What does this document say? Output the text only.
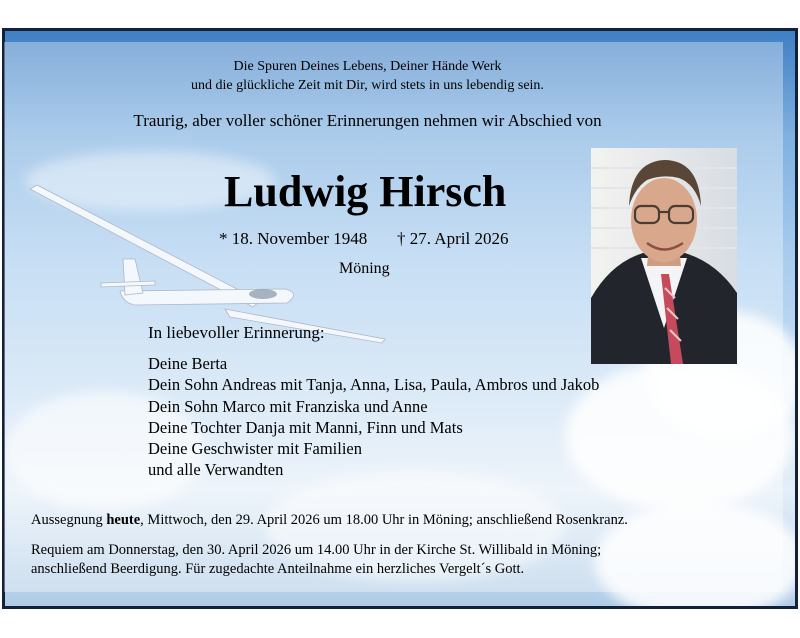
Die Spuren Deines Lebens, Deiner Hände Werk
und die glückliche Zeit mit Dir, wird stets in uns lebendig sein.
Traurig, aber voller schöner Erinnerungen nehmen wir Abschied von
Ludwig Hirsch
* 18. November 1948 † 27. April 2026
Möning
In liebevoller Erinnerung:
Deine Berta
Dein Sohn Andreas mit Tanja, Anna, Lisa, Paula, Ambros und Jakob
Dein Sohn Marco mit Franziska und Anne
Deine Tochter Danja mit Manni, Finn und Mats
Deine Geschwister mit Familien
und alle Verwandten
Aussegnung heute, Mittwoch, den 29. April 2026 um 18.00 Uhr in Möning; anschließend Rosenkranz.
Requiem am Donnerstag, den 30. April 2026 um 14.00 Uhr in der Kirche St. Willibald in Möning;
anschließend Beerdigung. Für zugedachte Anteilnahme ein herzliches Vergelt´s Gott.
